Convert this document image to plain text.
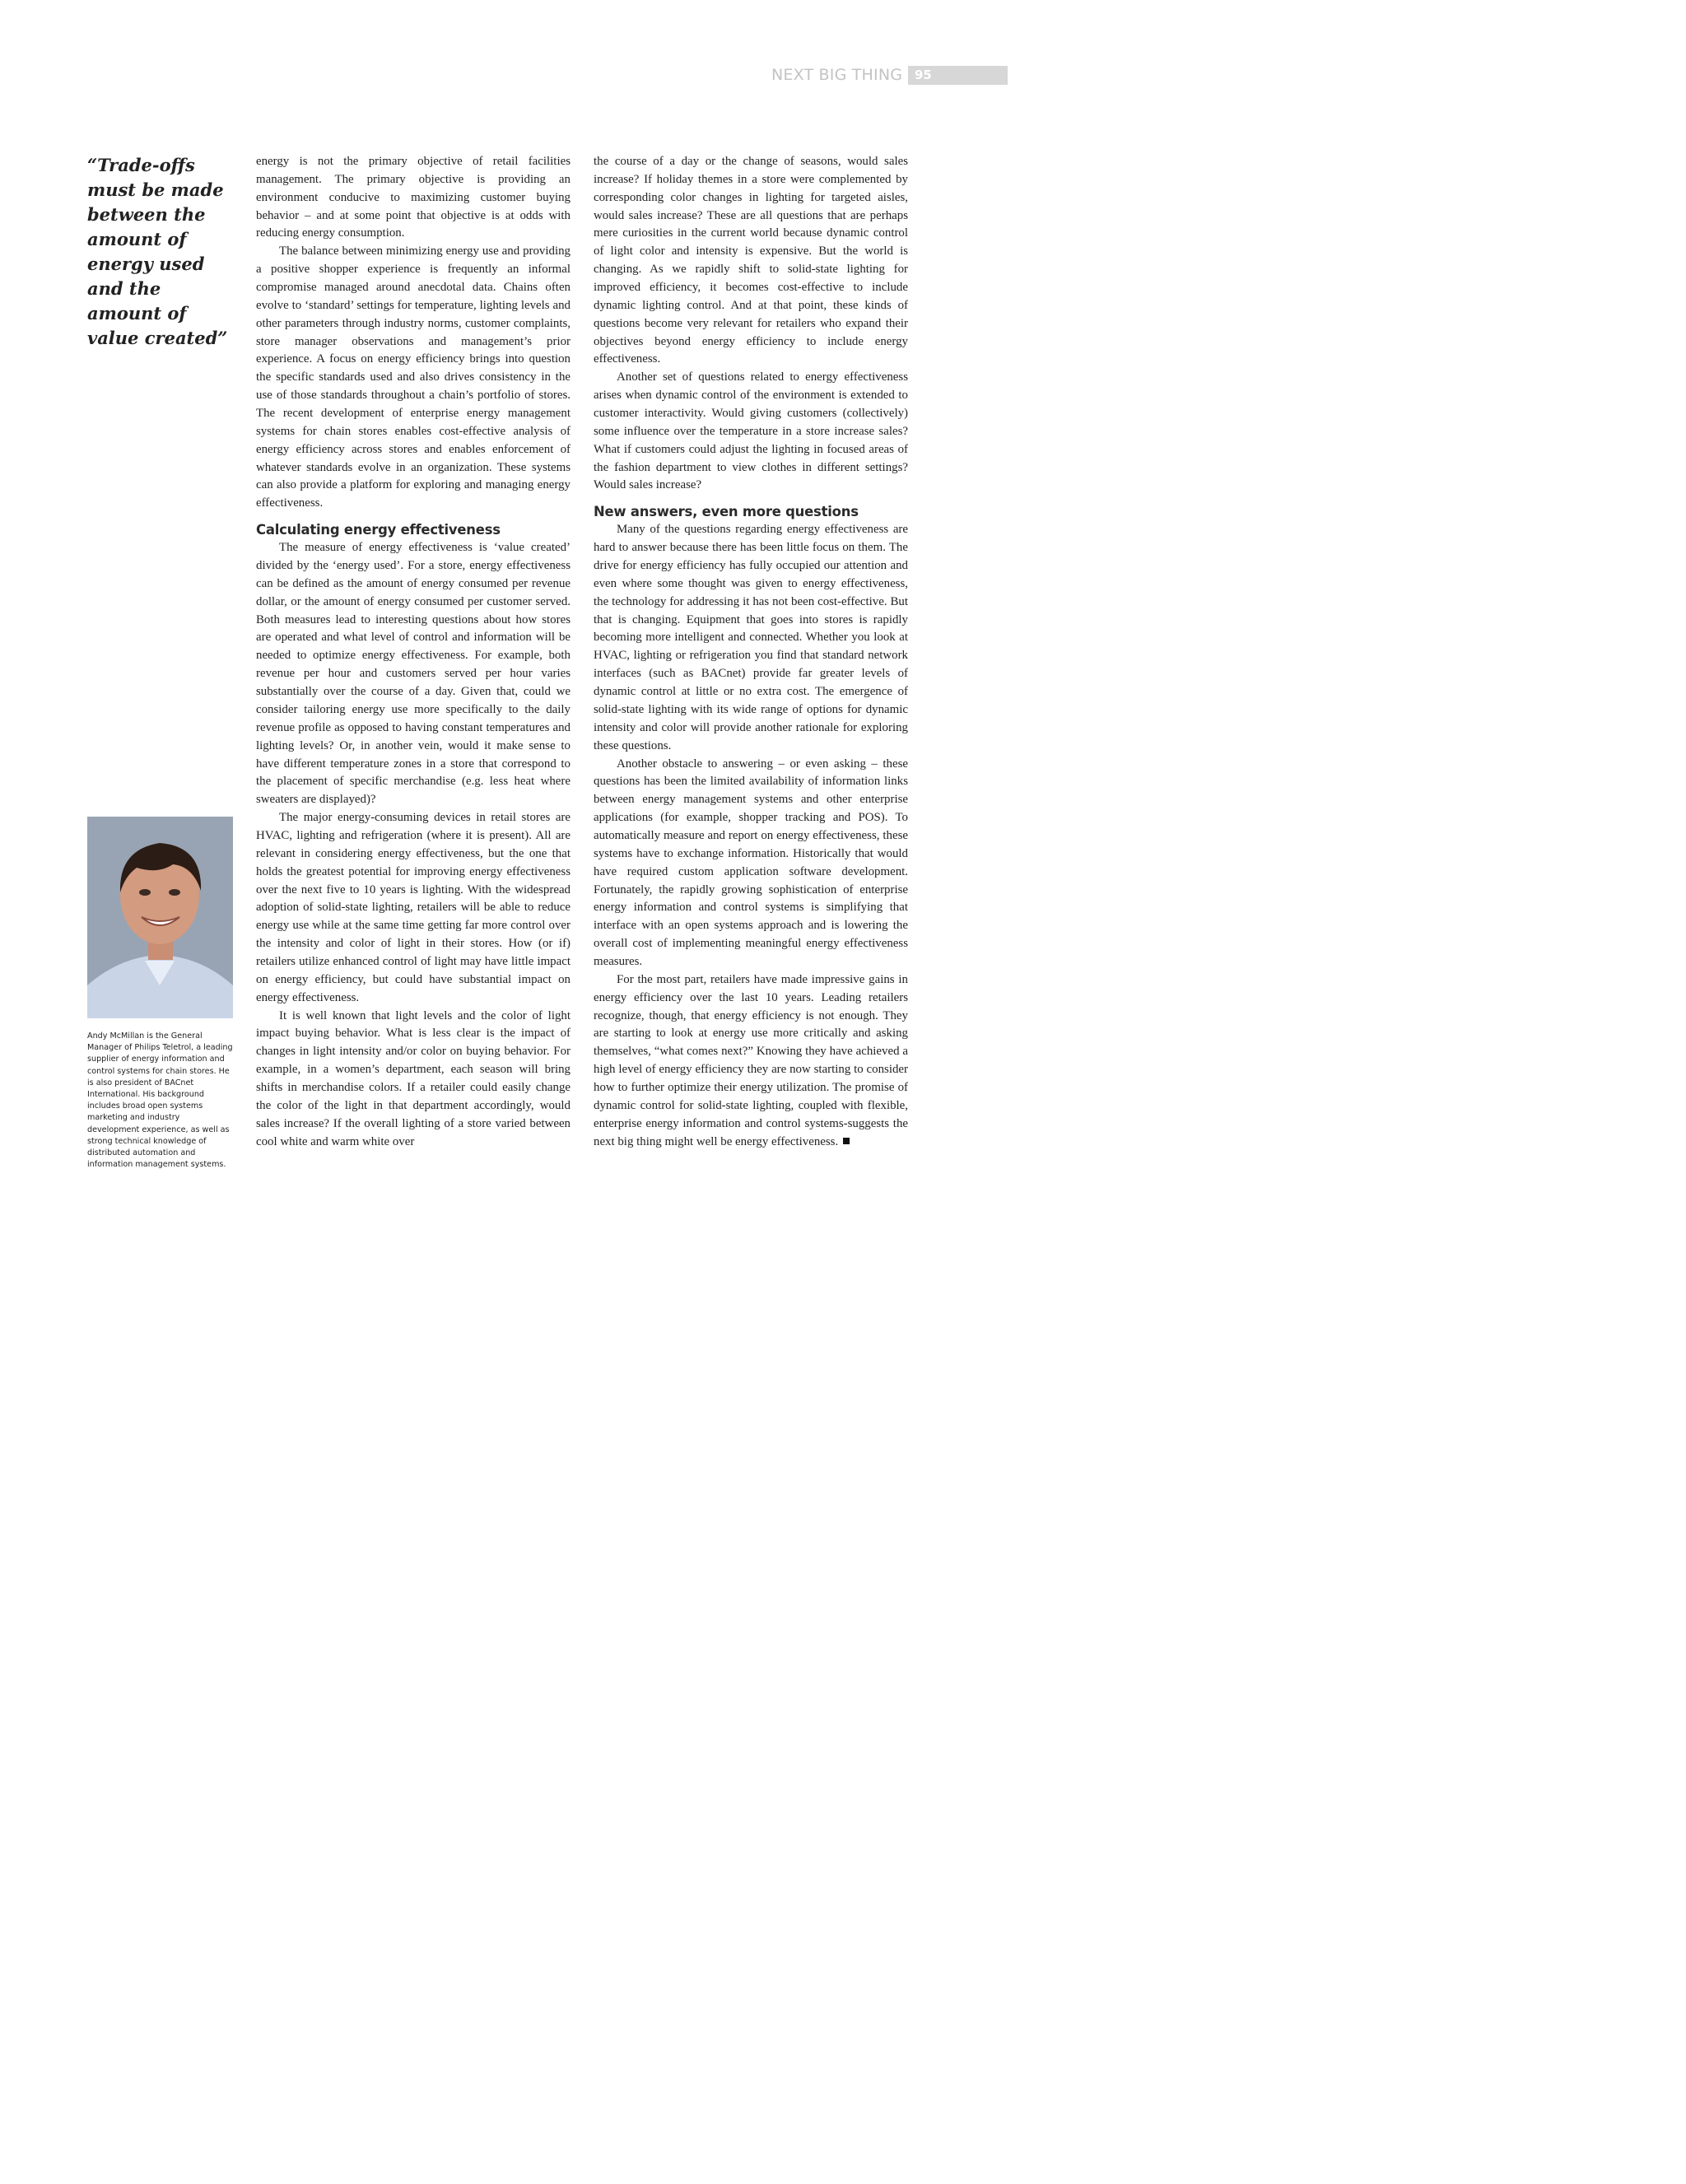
NEXT BIG THING 95

“Trade-offs must be made between the amount of energy used and the amount of value created”

Andy McMillan is the General Manager of Philips Teletrol, a leading supplier of energy information and control systems for chain stores. He is also president of BACnet International. His background includes broad open systems marketing and industry development experience, as well as strong technical knowledge of distributed automation and information management systems.

energy is not the primary objective of retail facilities management. The primary objective is providing an environment conducive to maximizing customer buying behavior – and at some point that objective is at odds with reducing energy consumption.

The balance between minimizing energy use and providing a positive shopper experience is frequently an informal compromise managed around anecdotal data. Chains often evolve to ‘standard’ settings for temperature, lighting levels and other parameters through industry norms, customer complaints, store manager observations and management’s prior experience. A focus on energy efficiency brings into question the specific standards used and also drives consistency in the use of those standards throughout a chain’s portfolio of stores. The recent development of enterprise energy management systems for chain stores enables cost-effective analysis of energy efficiency across stores and enables enforcement of whatever standards evolve in an organization. These systems can also provide a platform for exploring and managing energy effectiveness.

Calculating energy effectiveness

The measure of energy effectiveness is ‘value created’ divided by the ‘energy used’. For a store, energy effectiveness can be defined as the amount of energy consumed per revenue dollar, or the amount of energy consumed per customer served. Both measures lead to interesting questions about how stores are operated and what level of control and information will be needed to optimize energy effectiveness. For example, both revenue per hour and customers served per hour varies substantially over the course of a day. Given that, could we consider tailoring energy use more specifically to the daily revenue profile as opposed to having constant temperatures and lighting levels? Or, in another vein, would it make sense to have different temperature zones in a store that correspond to the placement of specific merchandise (e.g. less heat where sweaters are displayed)?

The major energy-consuming devices in retail stores are HVAC, lighting and refrigeration (where it is present). All are relevant in considering energy effectiveness, but the one that holds the greatest potential for improving energy effectiveness over the next five to 10 years is lighting. With the widespread adoption of solid-state lighting, retailers will be able to reduce energy use while at the same time getting far more control over the intensity and color of light in their stores. How (or if) retailers utilize enhanced control of light may have little impact on energy efficiency, but could have substantial impact on energy effectiveness.

It is well known that light levels and the color of light impact buying behavior. What is less clear is the impact of changes in light intensity and/or color on buying behavior. For example, in a women’s department, each season will bring shifts in merchandise colors. If a retailer could easily change the color of the light in that department accordingly, would sales increase? If the overall lighting of a store varied between cool white and warm white over

the course of a day or the change of seasons, would sales increase? If holiday themes in a store were complemented by corresponding color changes in lighting for targeted aisles, would sales increase? These are all questions that are perhaps mere curiosities in the current world because dynamic control of light color and intensity is expensive. But the world is changing. As we rapidly shift to solid-state lighting for improved efficiency, it becomes cost-effective to include dynamic lighting control. And at that point, these kinds of questions become very relevant for retailers who expand their objectives beyond energy efficiency to include energy effectiveness.

Another set of questions related to energy effectiveness arises when dynamic control of the environment is extended to customer interactivity. Would giving customers (collectively) some influence over the temperature in a store increase sales? What if customers could adjust the lighting in focused areas of the fashion department to view clothes in different settings? Would sales increase?

New answers, even more questions

Many of the questions regarding energy effectiveness are hard to answer because there has been little focus on them. The drive for energy efficiency has fully occupied our attention and even where some thought was given to energy effectiveness, the technology for addressing it has not been cost-effective. But that is changing. Equipment that goes into stores is rapidly becoming more intelligent and connected. Whether you look at HVAC, lighting or refrigeration you find that standard network interfaces (such as BACnet) provide far greater levels of dynamic control at little or no extra cost. The emergence of solid-state lighting with its wide range of options for dynamic intensity and color will provide another rationale for exploring these questions.

Another obstacle to answering – or even asking – these questions has been the limited availability of information links between energy management systems and other enterprise applications (for example, shopper tracking and POS). To automatically measure and report on energy effectiveness, these systems have to exchange information. Historically that would have required custom application software development. Fortunately, the rapidly growing sophistication of enterprise energy information and control systems is simplifying that interface with an open systems approach and is lowering the overall cost of implementing meaningful energy effectiveness measures.

For the most part, retailers have made impressive gains in energy efficiency over the last 10 years. Leading retailers recognize, though, that energy efficiency is not enough. They are starting to look at energy use more critically and asking themselves, “what comes next?” Knowing they have achieved a high level of energy efficiency they are now starting to consider how to further optimize their energy utilization. The promise of dynamic control for solid-state lighting, coupled with flexible, enterprise energy information and control systems-suggests the next big thing might well be energy effectiveness.
